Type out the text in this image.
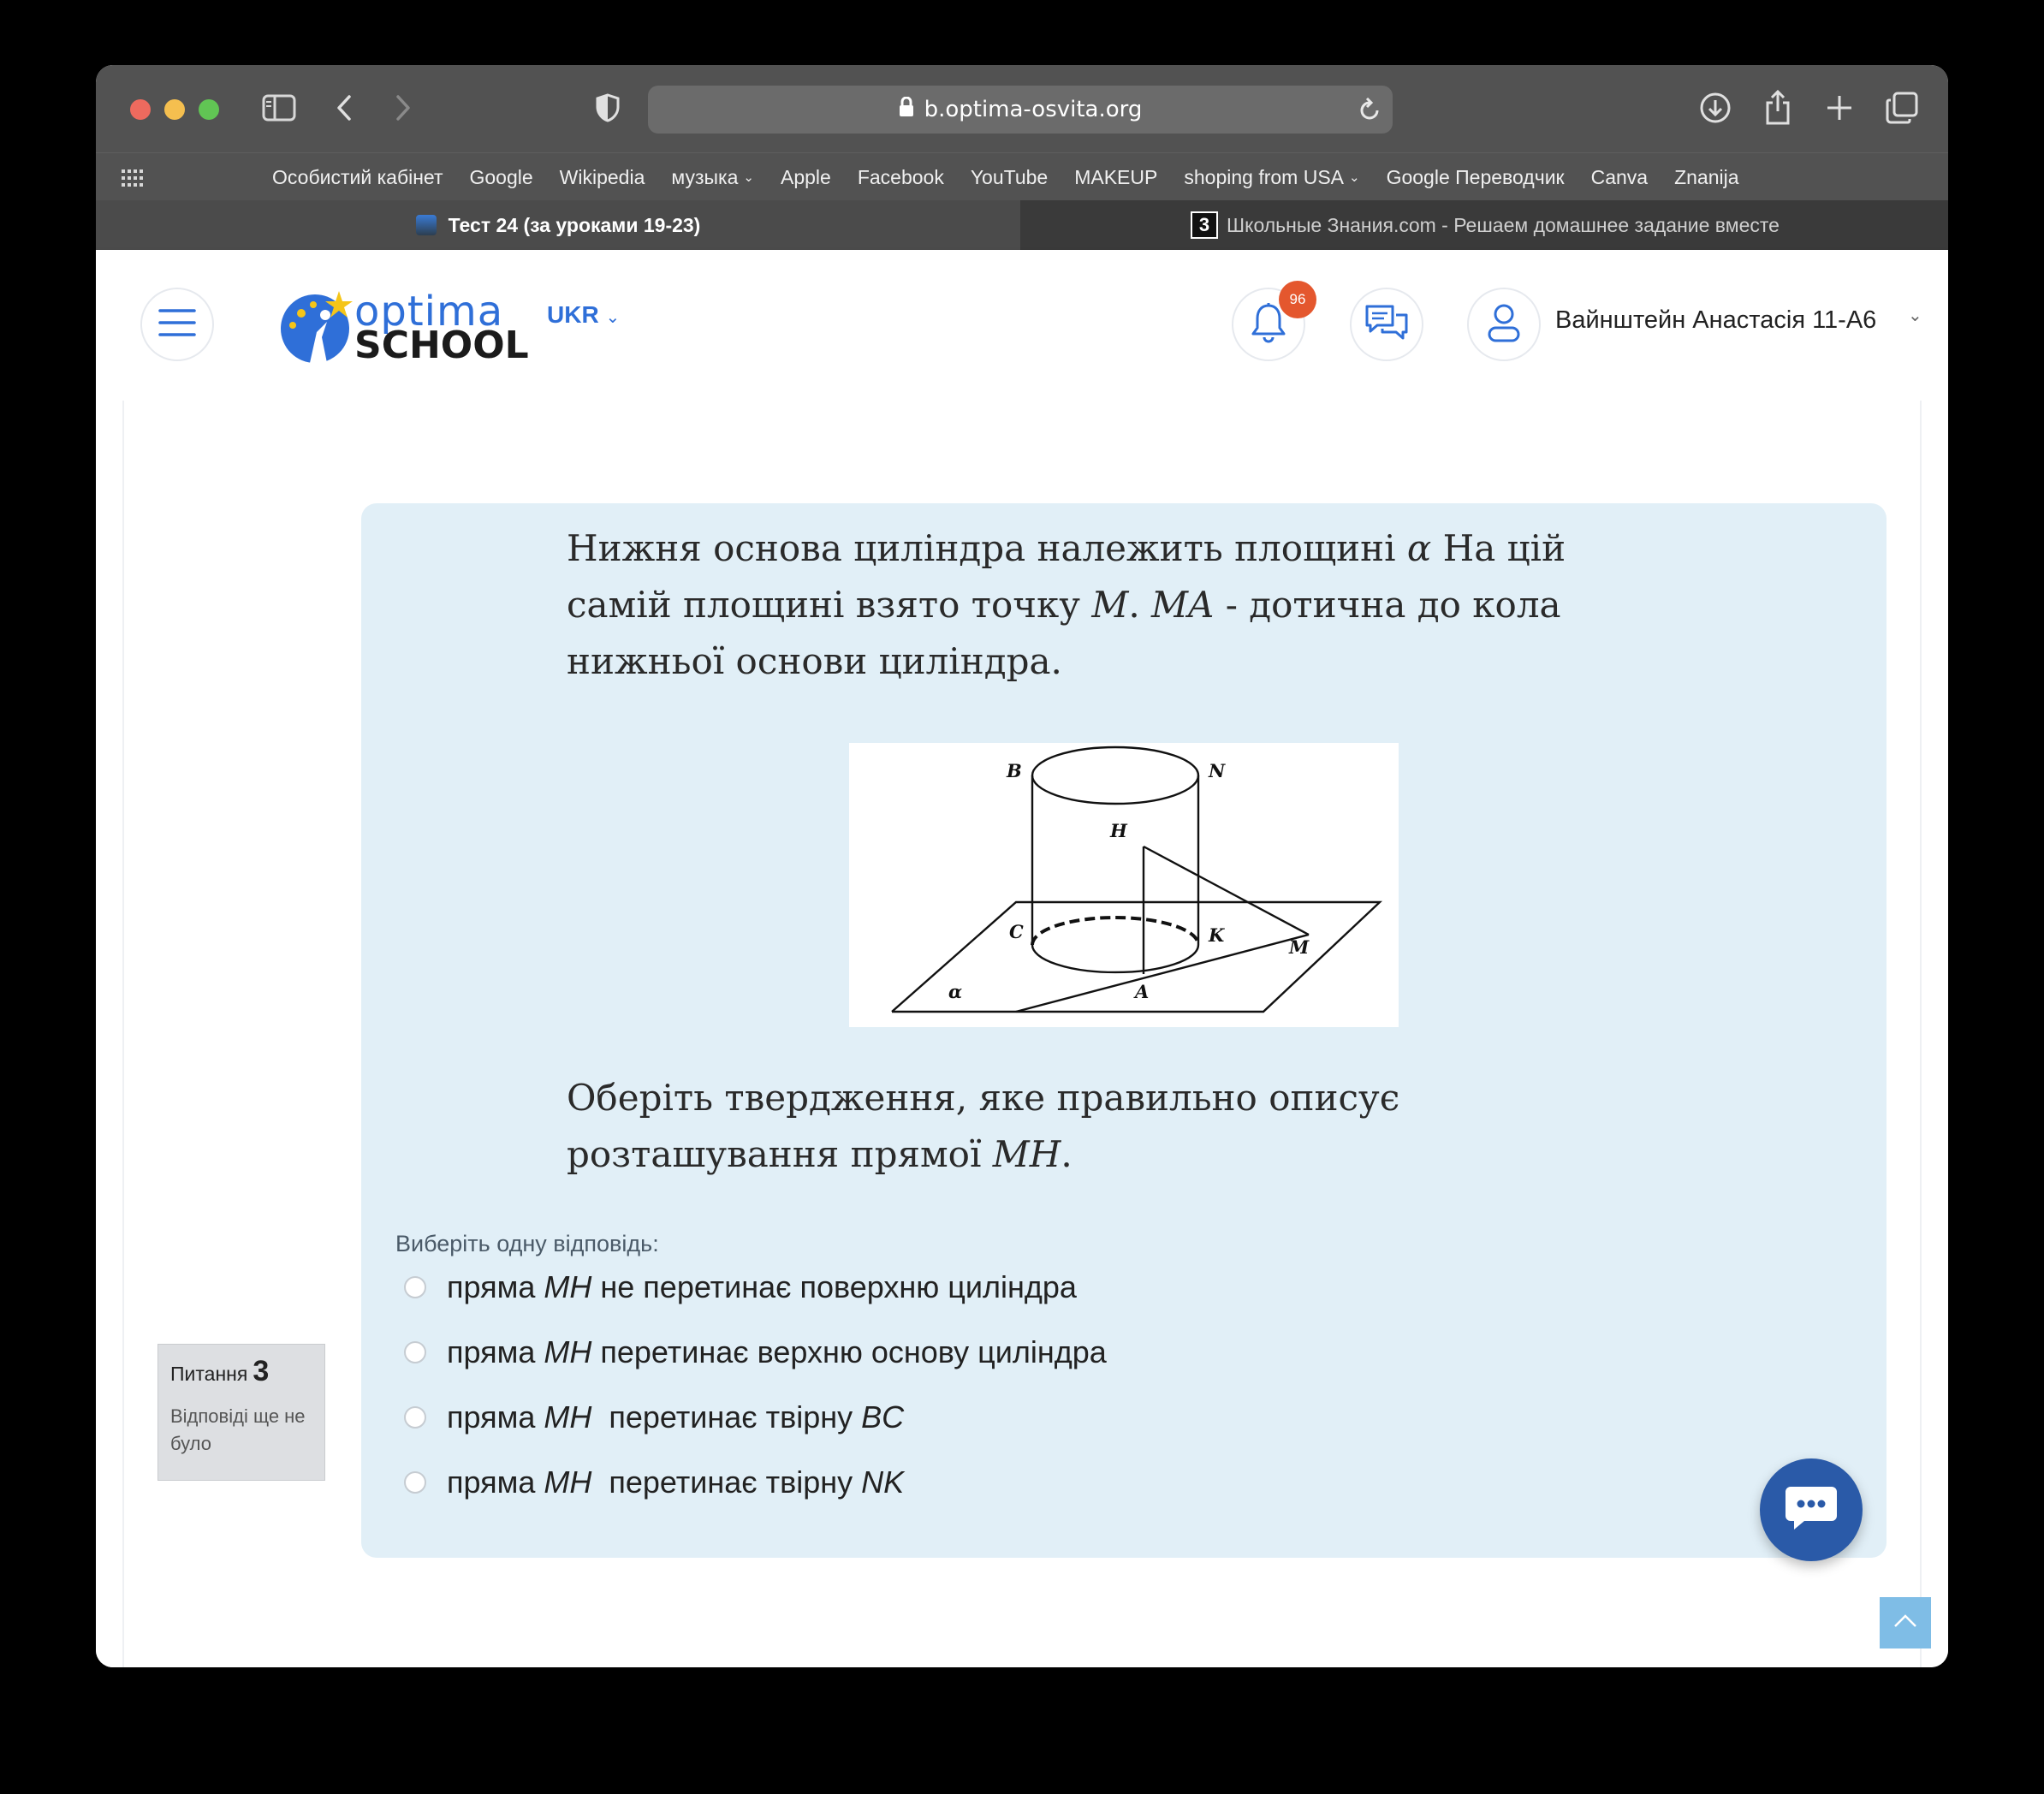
b.optima-osvita.org
Особистий кабінет Google Wikipedia музыка ⌄ Apple Facebook YouTube MAKEUP shoping from USA ⌄ Google Переводчик Canva Znanija
Тест 24 (за уроками 19-23)	3 Школьные Знания.com - Решаем домашнее задание вместе
optima
SCHOOL
UKR ⌄
96
Вайнштейн Анастасія 11-А6 ⌄
Нижня основа циліндра належить площині α На цій самій площині взято точку M. MA - дотична до кола нижньої основи циліндра.
B	N
H
C	K
M
A
α
Оберіть твердження, яке правильно описує розташування прямої MH.
Виберіть одну відповідь:
пряма MH не перетинає поверхню циліндра
пряма MH перетинає верхню основу циліндра
пряма MH  перетинає твірну BC
пряма MH  перетинає твірну NK
Питання 3
Відповіді ще не було
